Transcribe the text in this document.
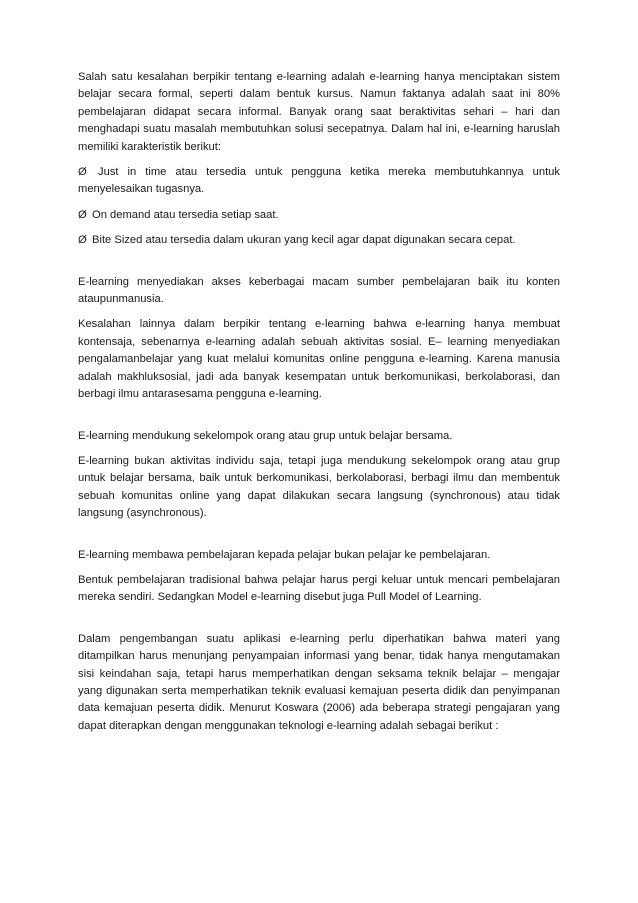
Salah satu kesalahan berpikir tentang e-learning adalah e-learning hanya menciptakan sistem belajar secara formal, seperti dalam bentuk kursus. Namun faktanya adalah saat ini 80% pembelajaran didapat secara informal. Banyak orang saat beraktivitas sehari – hari dan menghadapi suatu masalah membutuhkan solusi secepatnya. Dalam hal ini, e-learning haruslah memiliki karakteristik berikut:

Ø Just in time atau tersedia untuk pengguna ketika mereka membutuhkannya untuk menyelesaikan tugasnya.

Ø On demand atau tersedia setiap saat.

Ø Bite Sized atau tersedia dalam ukuran yang kecil agar dapat digunakan secara cepat.

E-learning menyediakan akses keberbagai macam sumber pembelajaran baik itu konten ataupunmanusia.

Kesalahan lainnya dalam berpikir tentang e-learning bahwa e-learning hanya membuat kontensaja, sebenarnya e-learning adalah sebuah aktivitas sosial. E– learning menyediakan pengalamanbelajar yang kuat melalui komunitas online pengguna e-learning. Karena manusia adalah makhluksosial, jadi ada banyak kesempatan untuk berkomunikasi, berkolaborasi, dan berbagi ilmu antarasesama pengguna e-learning.

E-learning mendukung sekelompok orang atau grup untuk belajar bersama.

E-learning bukan aktivitas individu saja, tetapi juga mendukung sekelompok orang atau grup untuk belajar bersama, baik untuk berkomunikasi, berkolaborasi, berbagi ilmu dan membentuk sebuah komunitas online yang dapat dilakukan secara langsung (synchronous) atau tidak langsung (asynchronous).

E-learning membawa pembelajaran kepada pelajar bukan pelajar ke pembelajaran.

Bentuk pembelajaran tradisional bahwa pelajar harus pergi keluar untuk mencari pembelajaran mereka sendiri. Sedangkan Model e-learning disebut juga Pull Model of Learning.

Dalam pengembangan suatu aplikasi e-learning perlu diperhatikan bahwa materi yang ditampilkan harus menunjang penyampaian informasi yang benar, tidak hanya mengutamakan sisi keindahan saja, tetapi harus memperhatikan dengan seksama teknik belajar – mengajar yang digunakan serta memperhatikan teknik evaluasi kemajuan peserta didik dan penyimpanan data kemajuan peserta didik. Menurut Koswara (2006) ada beberapa strategi pengajaran yang dapat diterapkan dengan menggunakan teknologi e-learning adalah sebagai berikut :
